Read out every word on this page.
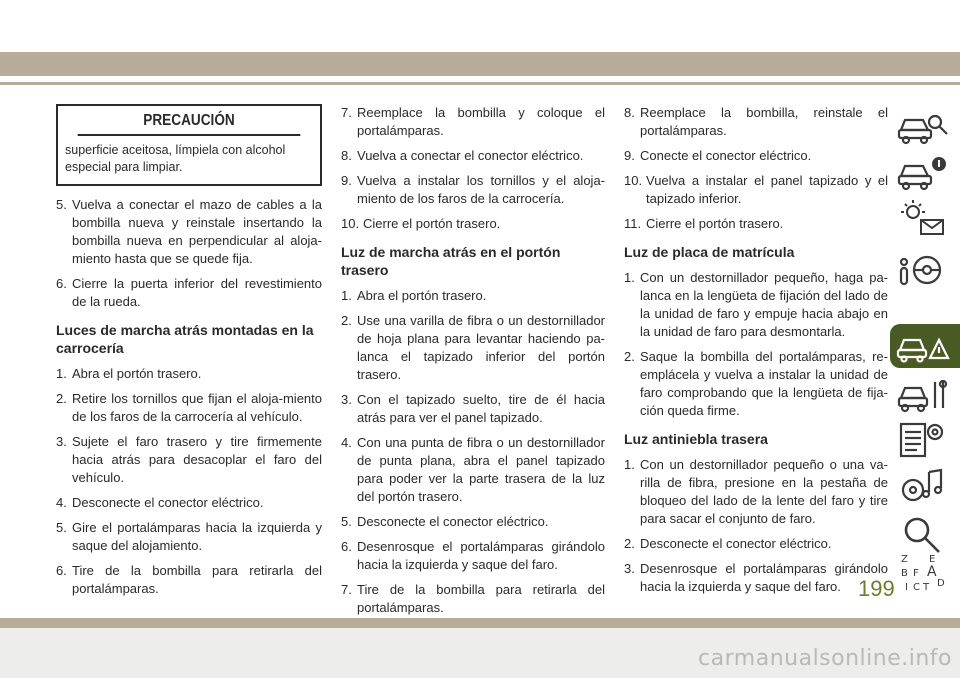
PRECAUCIÓN
superficie aceitosa, límpiela con alcohol especial para limpiar.
5. Vuelva a conectar el mazo de cables a la bombilla nueva y reinstale insertando la bombilla nueva en perpendicular al aloja-miento hasta que se quede fija.
6. Cierre la puerta inferior del revestimiento de la rueda.
Luces de marcha atrás montadas en la carrocería
1. Abra el portón trasero.
2. Retire los tornillos que fijan el aloja-miento de los faros de la carrocería al vehículo.
3. Sujete el faro trasero y tire firmemente hacia atrás para desacoplar el faro del vehículo.
4. Desconecte el conector eléctrico.
5. Gire el portalámparas hacia la izquierda y saque del alojamiento.
6. Tire de la bombilla para retirarla del portalámparas.
7. Reemplace la bombilla y coloque el portalámparas.
8. Vuelva a conectar el conector eléctrico.
9. Vuelva a instalar los tornillos y el aloja-miento de los faros de la carrocería.
10. Cierre el portón trasero.
Luz de marcha atrás en el portón trasero
1. Abra el portón trasero.
2. Use una varilla de fibra o un destornillador de hoja plana para levantar haciendo pa-lanca el tapizado inferior del portón trasero.
3. Con el tapizado suelto, tire de él hacia atrás para ver el panel tapizado.
4. Con una punta de fibra o un destornillador de punta plana, abra el panel tapizado para poder ver la parte trasera de la luz del portón trasero.
5. Desconecte el conector eléctrico.
6. Desenrosque el portalámparas girándolo hacia la izquierda y saque del faro.
7. Tire de la bombilla para retirarla del portalámparas.
8. Reemplace la bombilla, reinstale el portalámparas.
9. Conecte el conector eléctrico.
10. Vuelva a instalar el panel tapizado y el tapizado inferior.
11. Cierre el portón trasero.
Luz de placa de matrícula
1. Con un destornillador pequeño, haga pa-lanca en la lengüeta de fijación del lado de la unidad de faro y empuje hacia abajo en la unidad de faro para desmontarla.
2. Saque la bombilla del portalámparas, re-emplácela y vuelva a instalar la unidad de faro comprobando que la lengüeta de fija-ción queda firme.
Luz antiniebla trasera
1. Con un destornillador pequeño o una va-rilla de fibra, presione en la pestaña de bloqueo del lado de la lente del faro y tire para sacar el conjunto de faro.
2. Desconecte el conector eléctrico.
3. Desenrosque el portalámparas girándolo hacia la izquierda y saque del faro.
Z E
B F A
I C T D
199
carmanualsonline.info
